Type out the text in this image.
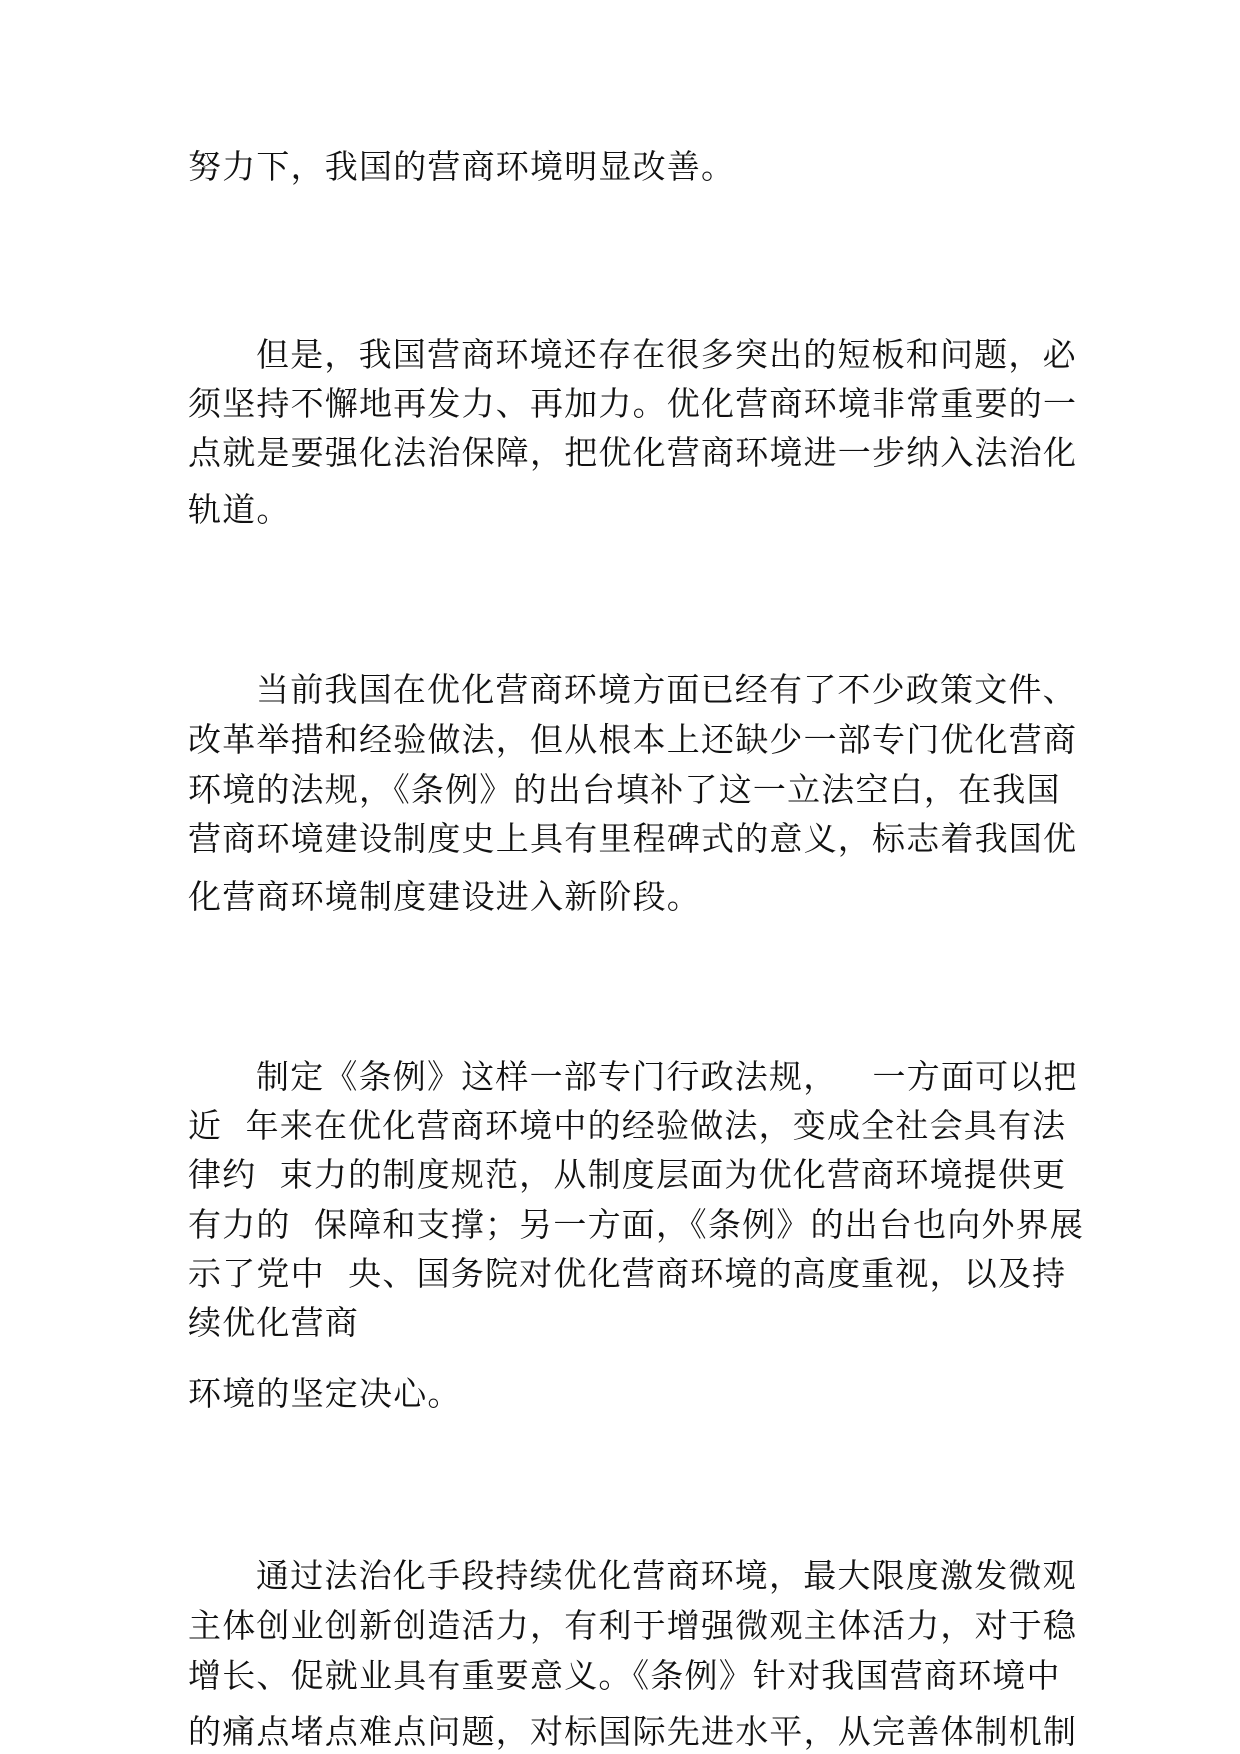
努力下，我国的营商环境明显改善。
但是，我国营商环境还存在很多突出的短板和问题，必
须坚持不懈地再发力、再加力。优化营商环境非常重要的一
点就是要强化法治保障，把优化营商环境进一步纳入法治化
轨道。
当前我国在优化营商环境方面已经有了不少政策文件、
改革举措和经验做法，但从根本上还缺少一部专门优化营商
环境的法规，《条例》的出台填补了这一立法空白，在我国
营商环境建设制度史上具有里程碑式的意义，标志着我国优
化营商环境制度建设进入新阶段。
制定《条例》这样一部专门行政法规，   一方面可以把
近  年来在优化营商环境中的经验做法，变成全社会具有法
律约  束力的制度规范，从制度层面为优化营商环境提供更
有力的  保障和支撑；另一方面，《条例》的出台也向外界展
示了党中  央、国务院对优化营商环境的高度重视，以及持
续优化营商
环境的坚定决心。
通过法治化手段持续优化营商环境，最大限度激发微观
主体创业创新创造活力，有利于增强微观主体活力，对于稳
增长、促就业具有重要意义。《条例》针对我国营商环境中
的痛点堵点难点问题，对标国际先进水平，从完善体制机制
